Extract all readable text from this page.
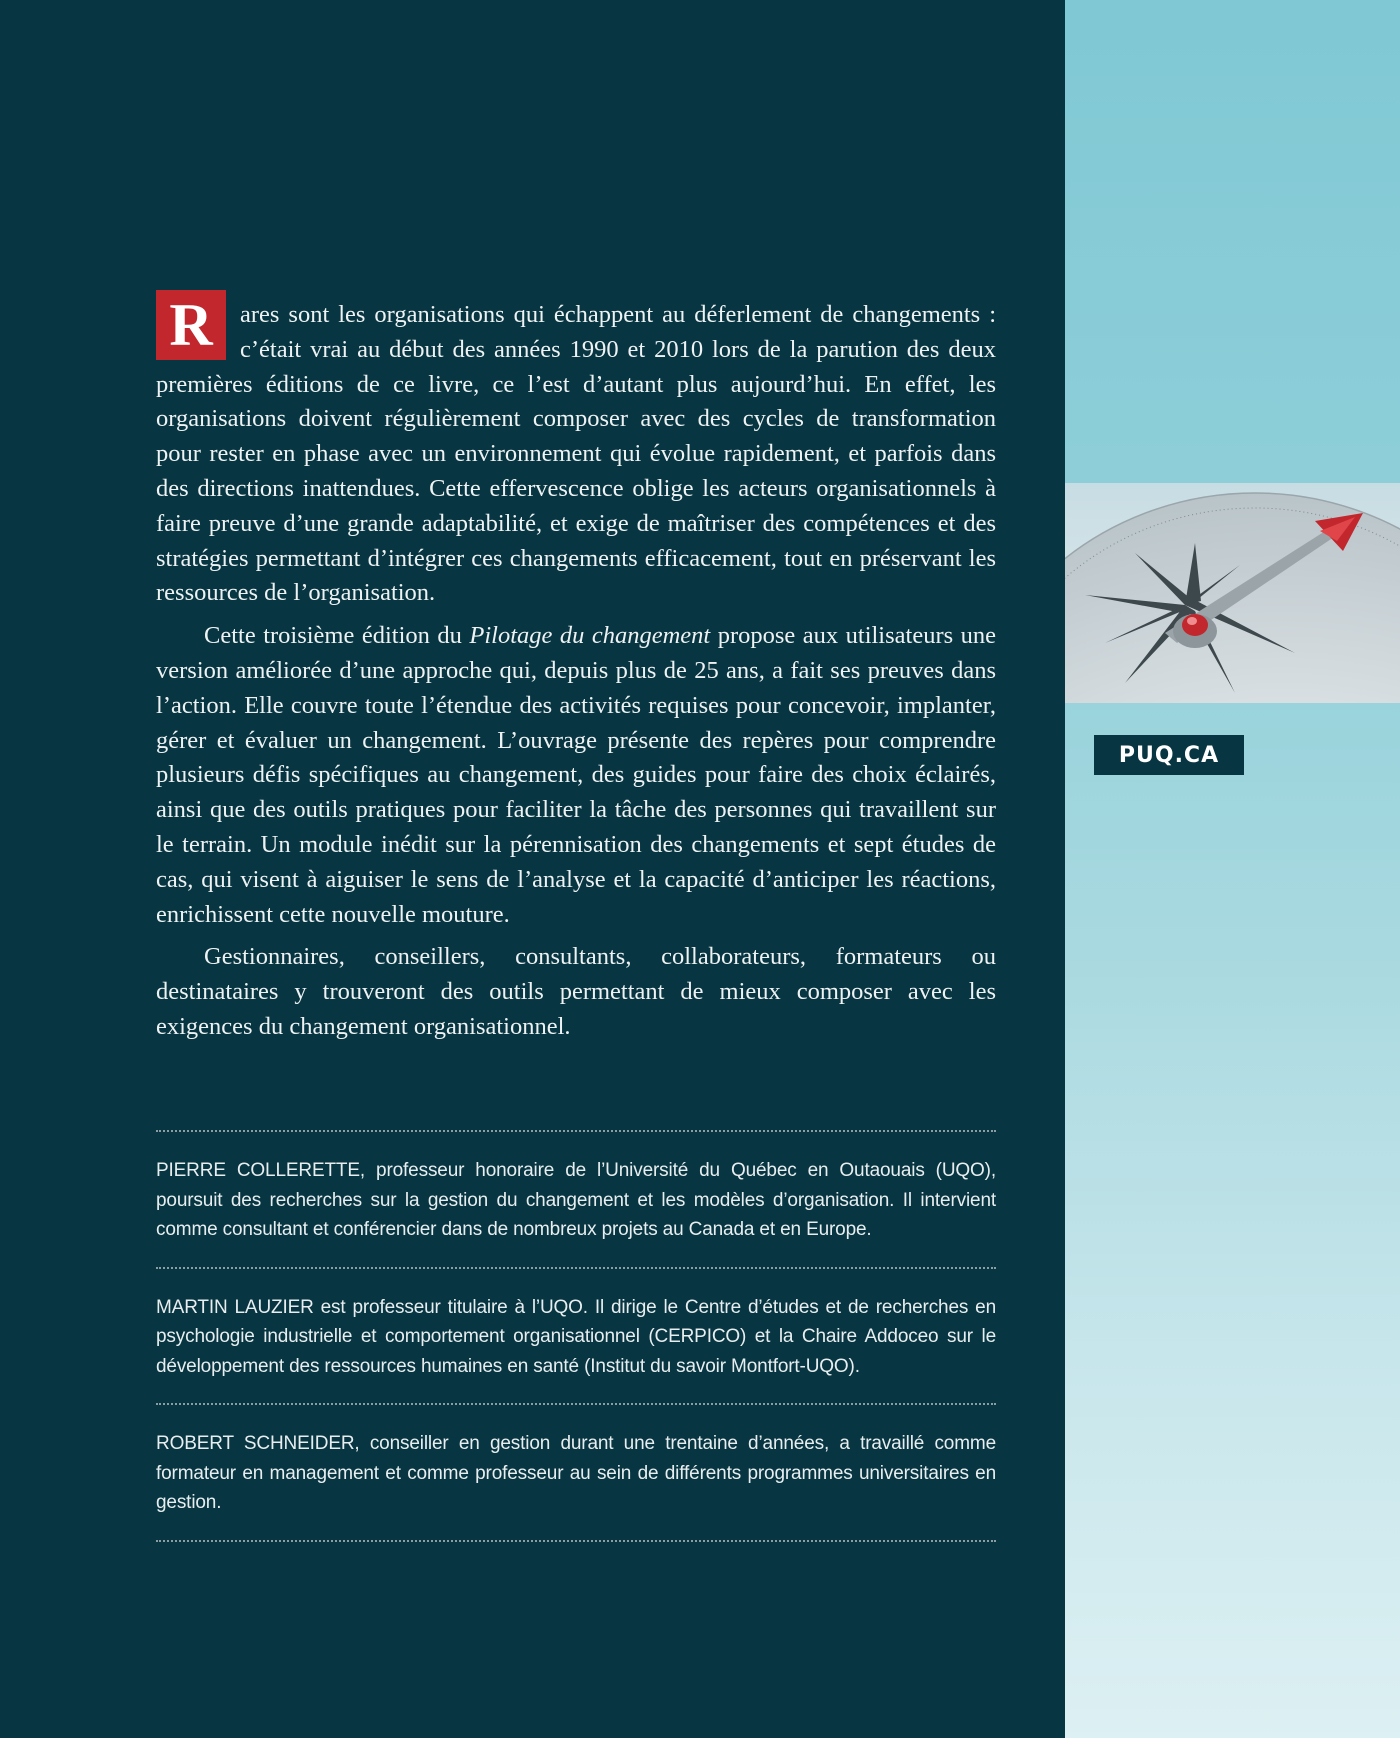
R	ares sont les organisations qui échappent au déferlement de changements : c’était vrai au début des années 1990 et 2010 lors de la parution des deux premières éditions de ce livre, ce l’est d’autant plus aujourd’hui. En effet, les organisations doivent régulièrement composer avec des cycles de transformation pour rester en phase avec un environnement qui évolue rapidement, et parfois dans des directions inattendues. Cette effervescence oblige les acteurs organisationnels à faire preuve d’une grande adaptabilité, et exige de maîtriser des compétences et des stratégies permettant d’intégrer ces changements efficacement, tout en préservant les ressources de l’organisation.

Cette troisième édition du Pilotage du changement propose aux utilisateurs une version améliorée d’une approche qui, depuis plus de 25 ans, a fait ses preuves dans l’action. Elle couvre toute l’étendue des activités requises pour concevoir, implanter, gérer et évaluer un changement. L’ouvrage présente des repères pour comprendre plusieurs défis spécifiques au changement, des guides pour faire des choix éclairés, ainsi que des outils pratiques pour faciliter la tâche des personnes qui travaillent sur le terrain. Un module inédit sur la pérennisation des changements et sept études de cas, qui visent à aiguiser le sens de l’analyse et la capacité d’anticiper les réactions, enrichissent cette nouvelle mouture.

Gestionnaires, conseillers, consultants, collaborateurs, formateurs ou destinataires y trouveront des outils permettant de mieux composer avec les exigences du changement organisationnel.

PIERRE COLLERETTE, professeur honoraire de l’Université du Québec en Outaouais (UQO), poursuit des recherches sur la gestion du changement et les modèles d’organisation. Il intervient comme consultant et conférencier dans de nombreux projets au Canada et en Europe.

MARTIN LAUZIER est professeur titulaire à l’UQO. Il dirige le Centre d’études et de recherches en psychologie industrielle et comportement organisationnel (CERPICO) et la Chaire Addoceo sur le développement des ressources humaines en santé (Institut du savoir Montfort-UQO).

ROBERT SCHNEIDER, conseiller en gestion durant une trentaine d’années, a travaillé comme formateur en management et comme professeur au sein de différents programmes universitaires en gestion.

PUQ.CA
